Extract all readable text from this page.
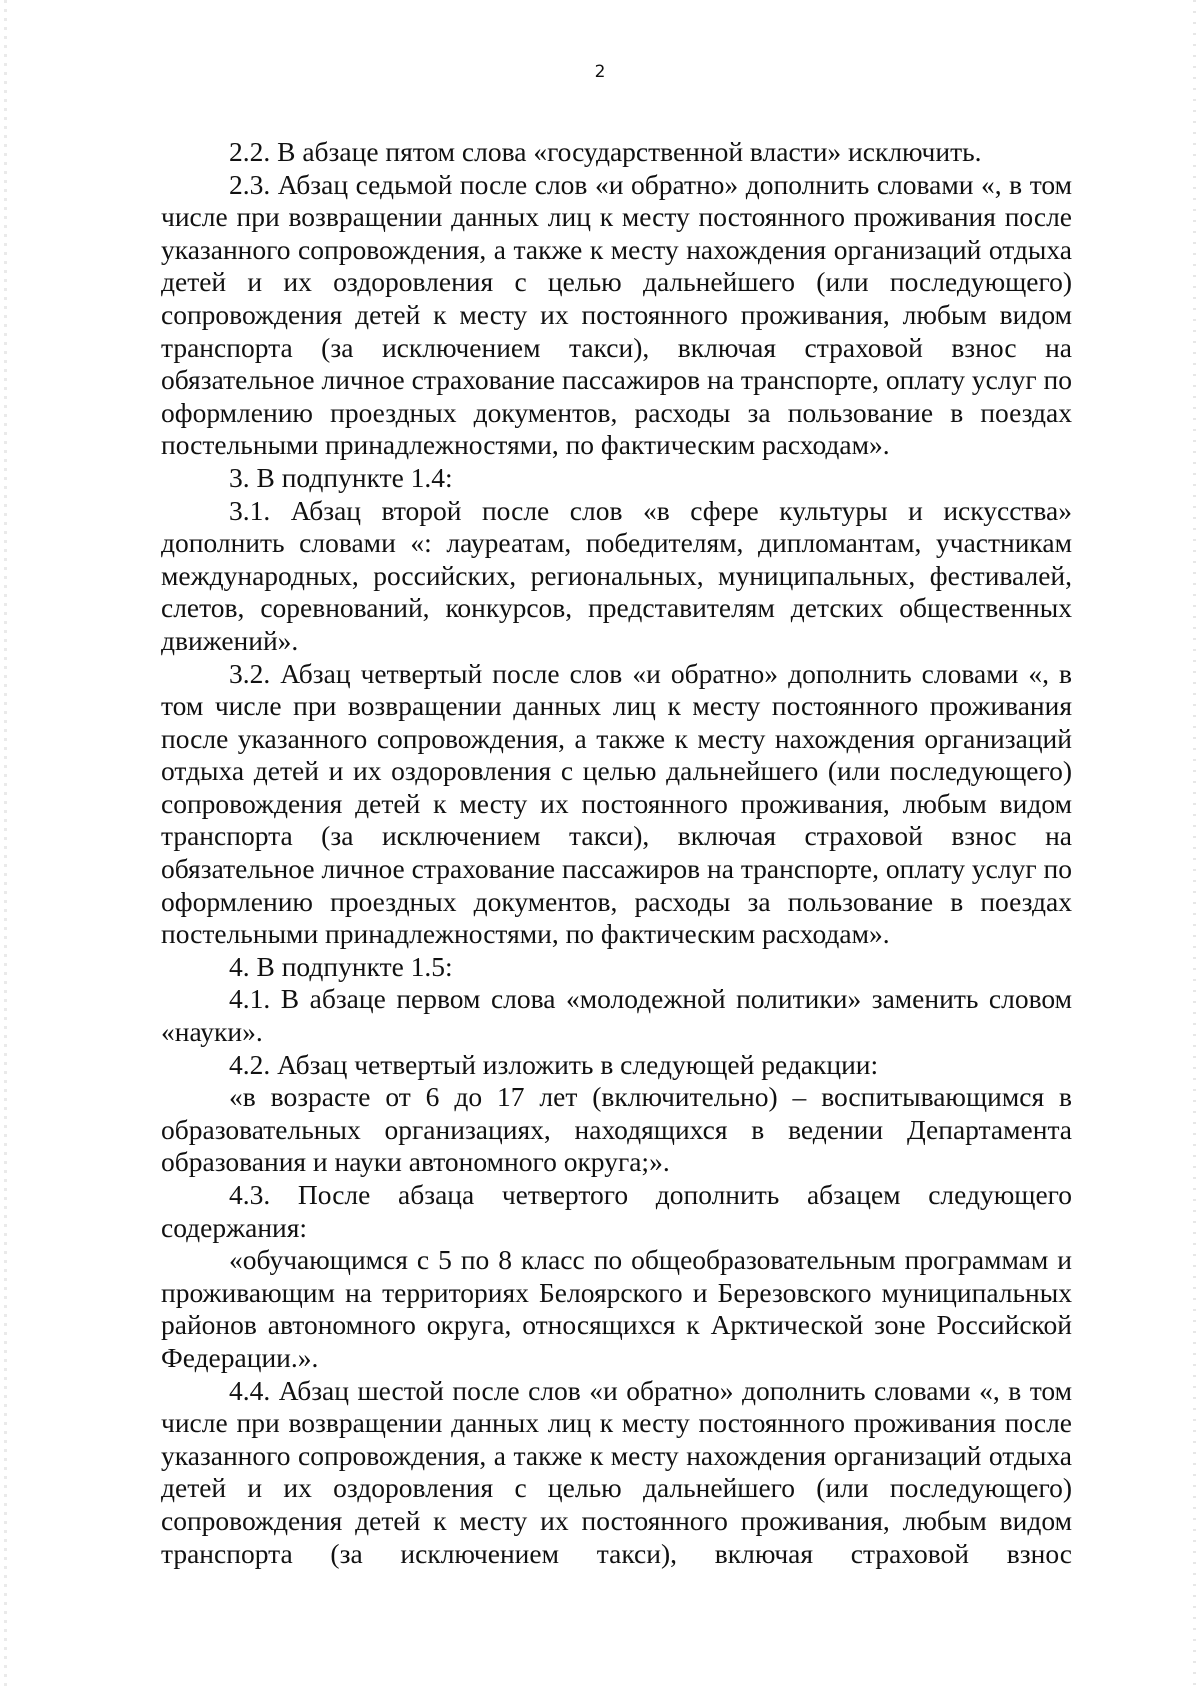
2

2.2. В абзаце пятом слова «государственной власти» исключить.

2.3. Абзац седьмой после слов «и обратно» дополнить словами «, в том числе при возвращении данных лиц к месту постоянного проживания после указанного сопровождения, а также к месту нахождения организаций отдыха детей и их оздоровления с целью дальнейшего (или последующего) сопровождения детей к месту их постоянного проживания, любым видом транспорта (за исключением такси), включая страховой взнос на обязательное личное страхование пассажиров на транспорте, оплату услуг по оформлению проездных документов, расходы за пользование в поездах постельными принадлежностями, по фактическим расходам».

3. В подпункте 1.4:

3.1. Абзац второй после слов «в сфере культуры и искусства» дополнить словами «: лауреатам, победителям, дипломантам, участникам международных, российских, региональных, муниципальных, фестивалей, слетов, соревнований, конкурсов, представителям детских общественных движений».

3.2. Абзац четвертый после слов «и обратно» дополнить словами «, в том числе при возвращении данных лиц к месту постоянного проживания после указанного сопровождения, а также к месту нахождения организаций отдыха детей и их оздоровления с целью дальнейшего (или последующего) сопровождения детей к месту их постоянного проживания, любым видом транспорта (за исключением такси), включая страховой взнос на обязательное личное страхование пассажиров на транспорте, оплату услуг по оформлению проездных документов, расходы за пользование в поездах постельными принадлежностями, по фактическим расходам».

4. В подпункте 1.5:

4.1. В абзаце первом слова «молодежной политики» заменить словом «науки».

4.2. Абзац четвертый изложить в следующей редакции:

«в возрасте от 6 до 17 лет (включительно) – воспитывающимся в образовательных организациях, находящихся в ведении Департамента образования и науки автономного округа;».

4.3. После абзаца четвертого дополнить абзацем следующего содержания:

«обучающимся с 5 по 8 класс по общеобразовательным программам и проживающим на территориях Белоярского и Березовского муниципальных районов автономного округа, относящихся к Арктической зоне Российской Федерации.».

4.4. Абзац шестой после слов «и обратно» дополнить словами «, в том числе при возвращении данных лиц к месту постоянного проживания после указанного сопровождения, а также к месту нахождения организаций отдыха детей и их оздоровления с целью дальнейшего (или последующего) сопровождения детей к месту их постоянного проживания, любым видом транспорта (за исключением такси), включая страховой взнос
